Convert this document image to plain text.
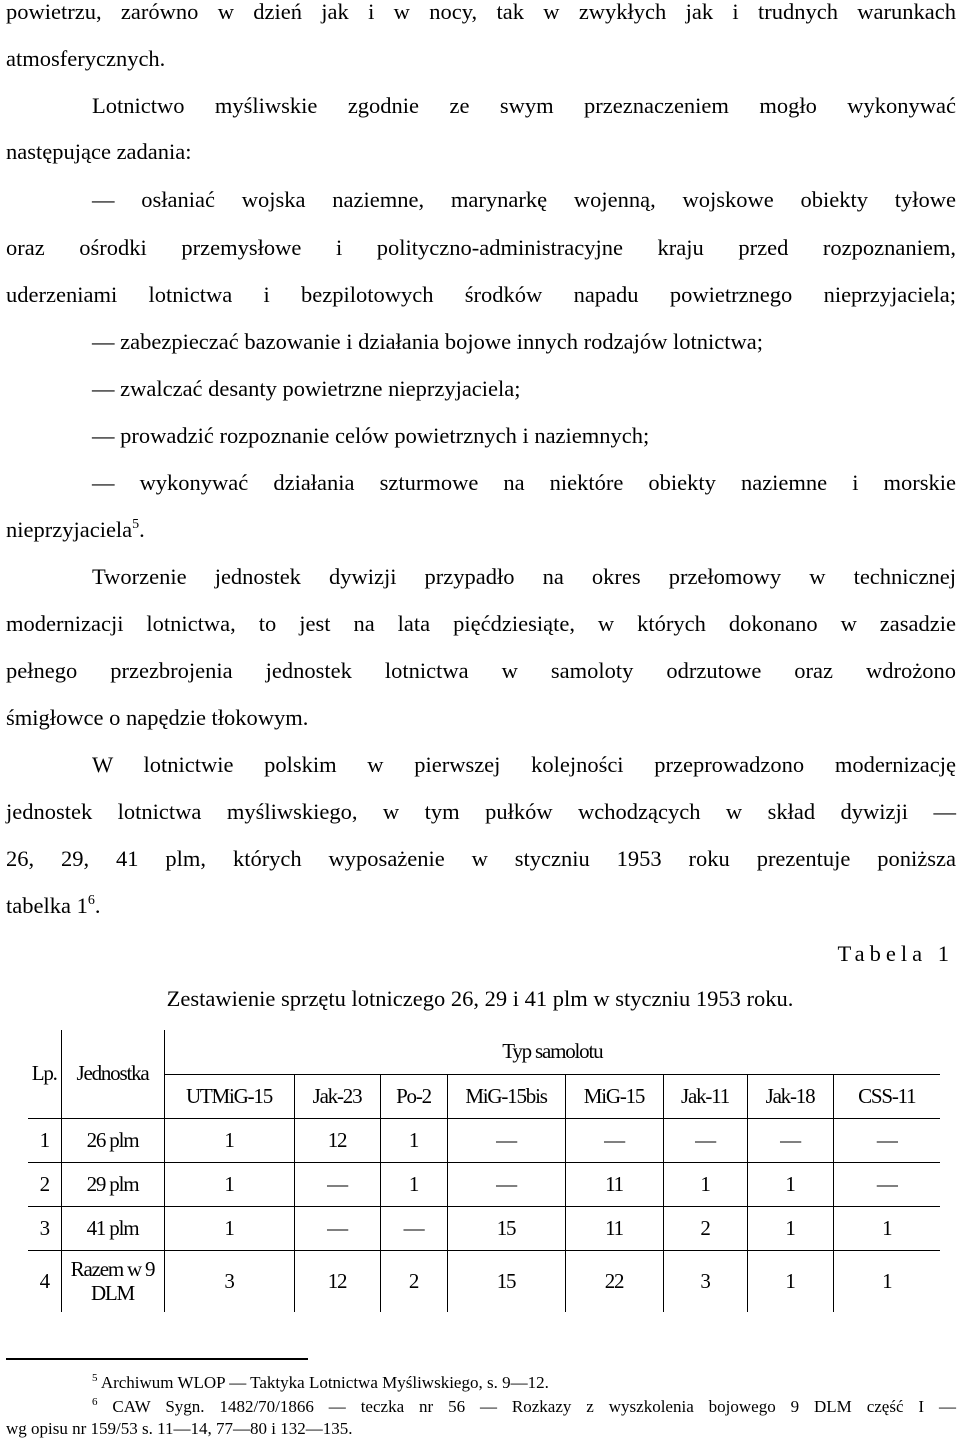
powietrzu, zarówno w dzień jak i w nocy, tak w zwykłych jak i trudnych warunkach
atmosferycznych.
Lotnictwo myśliwskie zgodnie ze swym przeznaczeniem mogło wykonywać
następujące zadania:
— osłaniać wojska naziemne, marynarkę wojenną, wojskowe obiekty tyłowe
oraz ośrodki przemysłowe i polityczno-administracyjne kraju przed rozpoznaniem,
uderzeniami lotnictwa i bezpilotowych środków napadu powietrznego nieprzyjaciela;
— zabezpieczać bazowanie i działania bojowe innych rodzajów lotnictwa;
— zwalczać desanty powietrzne nieprzyjaciela;
— prowadzić rozpoznanie celów powietrznych i naziemnych;
— wykonywać działania szturmowe na niektóre obiekty naziemne i morskie
nieprzyjaciela$^5$.
Tworzenie jednostek dywizji przypadło na okres przełomowy w technicznej
modernizacji lotnictwa, to jest na lata pięćdziesiąte, w których dokonano w zasadzie
pełnego przezbrojenia jednostek lotnictwa w samoloty odrzutowe oraz wdrożono
śmigłowce o napędzie tłokowym.
W lotnictwie polskim w pierwszej kolejności przeprowadzono modernizację
jednostek lotnictwa myśliwskiego, w tym pułków wchodzących w skład dywizji —
26, 29, 41 plm, których wyposażenie w styczniu 1953 roku prezentuje poniższa
tabelka $1^6$.
Tabela 1
Zestawienie sprzętu lotniczego 26, 29 i 41 plm w styczniu 1953 roku.
Lp.	Jednostka	Typ samolotu							
		UTMiG-15	Jak-23	Po-2	MiG-15bis	MiG-15	Jak-11	Jak-18	CSS-11
1	26 plm	1	12	1	—	—	—	—	—
2	29 plm	1	—	1	—	11	1	1	—
3	41 plm	1	—	—	15	11	2	1	1
4	Razem w 9 DLM	3	12	2	15	22	3	1	1
$^5$ Archiwum WLOP — Taktyka Lotnictwa Myśliwskiego, s. 9—12.
$^6$ CAW Sygn. 1482/70/1866 — teczka nr 56 — Rozkazy z wyszkolenia bojowego 9 DLM część I —
wg opisu nr 159/53 s. 11—14, 77—80 i 132—135.
